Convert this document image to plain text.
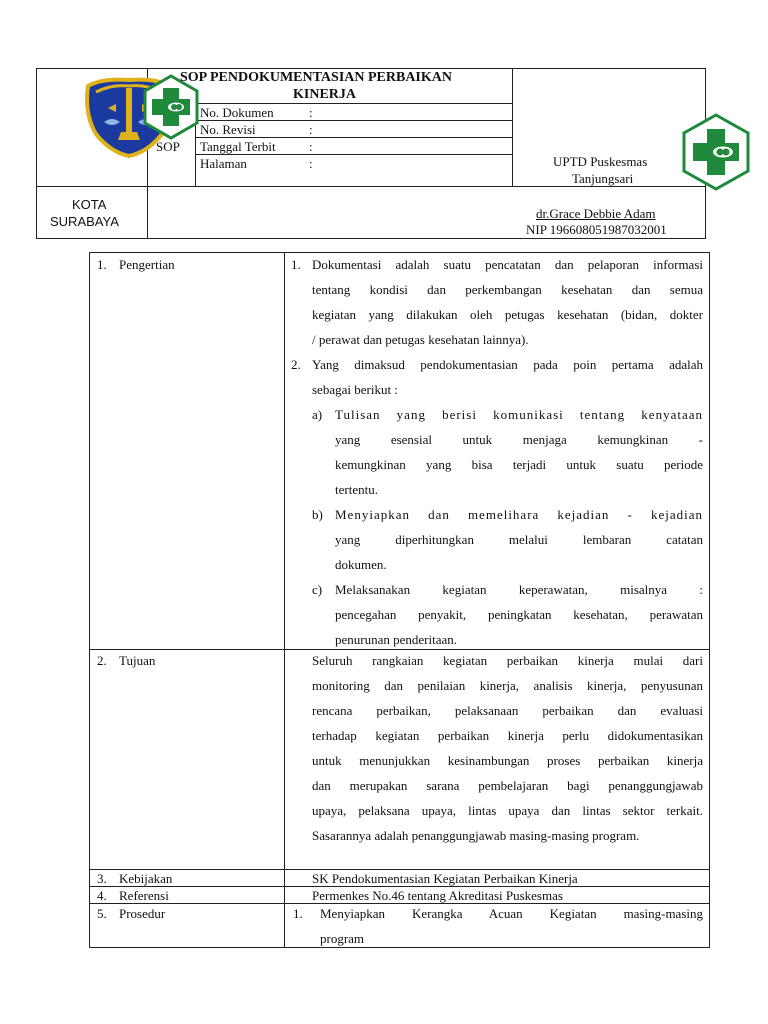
SOP
SOP PENDOKUMENTASIAN PERBAIKAN
KINERJA
No. Dokumen	:
No. Revisi	:
Tanggal Terbit	:
Halaman	:	UPTD Puskesmas
Tanjungsari
KOTA
SURABAYA
dr.Grace Debbie Adam
NIP 196608051987032001
1. Pengertian	1. Dokumentasi adalah suatu pencatatan dan pelaporan informasi
tentang kondisi dan perkembangan kesehatan dan semua
kegiatan yang dilakukan oleh petugas kesehatan (bidan, dokter
/ perawat dan petugas kesehatan lainnya).
2. Yang dimaksud pendokumentasian pada poin pertama adalah
sebagai berikut :
a) Tulisan yang berisi komunikasi tentang kenyataan
yang esensial untuk menjaga kemungkinan -
kemungkinan yang bisa terjadi untuk suatu periode
tertentu.
b) Menyiapkan dan memelihara kejadian - kejadian
yang diperhitungkan melalui lembaran catatan
dokumen.
c) Melaksanakan kegiatan keperawatan, misalnya :
pencegahan penyakit, peningkatan kesehatan, perawatan
penurunan penderitaan.
2. Tujuan	Seluruh rangkaian kegiatan perbaikan kinerja mulai dari
monitoring dan penilaian kinerja, analisis kinerja, penyusunan
rencana perbaikan, pelaksanaan perbaikan dan evaluasi
terhadap kegiatan perbaikan kinerja perlu didokumentasikan
untuk menunjukkan kesinambungan proses perbaikan kinerja
dan merupakan sarana pembelajaran bagi penanggungjawab
upaya, pelaksana upaya, lintas upaya dan lintas sektor terkait.
Sasarannya adalah penanggungjawab masing-masing program.
3. Kebijakan	SK Pendokumentasian Kegiatan Perbaikan Kinerja
4. Referensi	Permenkes No.46 tentang Akreditasi Puskesmas
5. Prosedur	1. Menyiapkan Kerangka Acuan Kegiatan masing-masing
program
